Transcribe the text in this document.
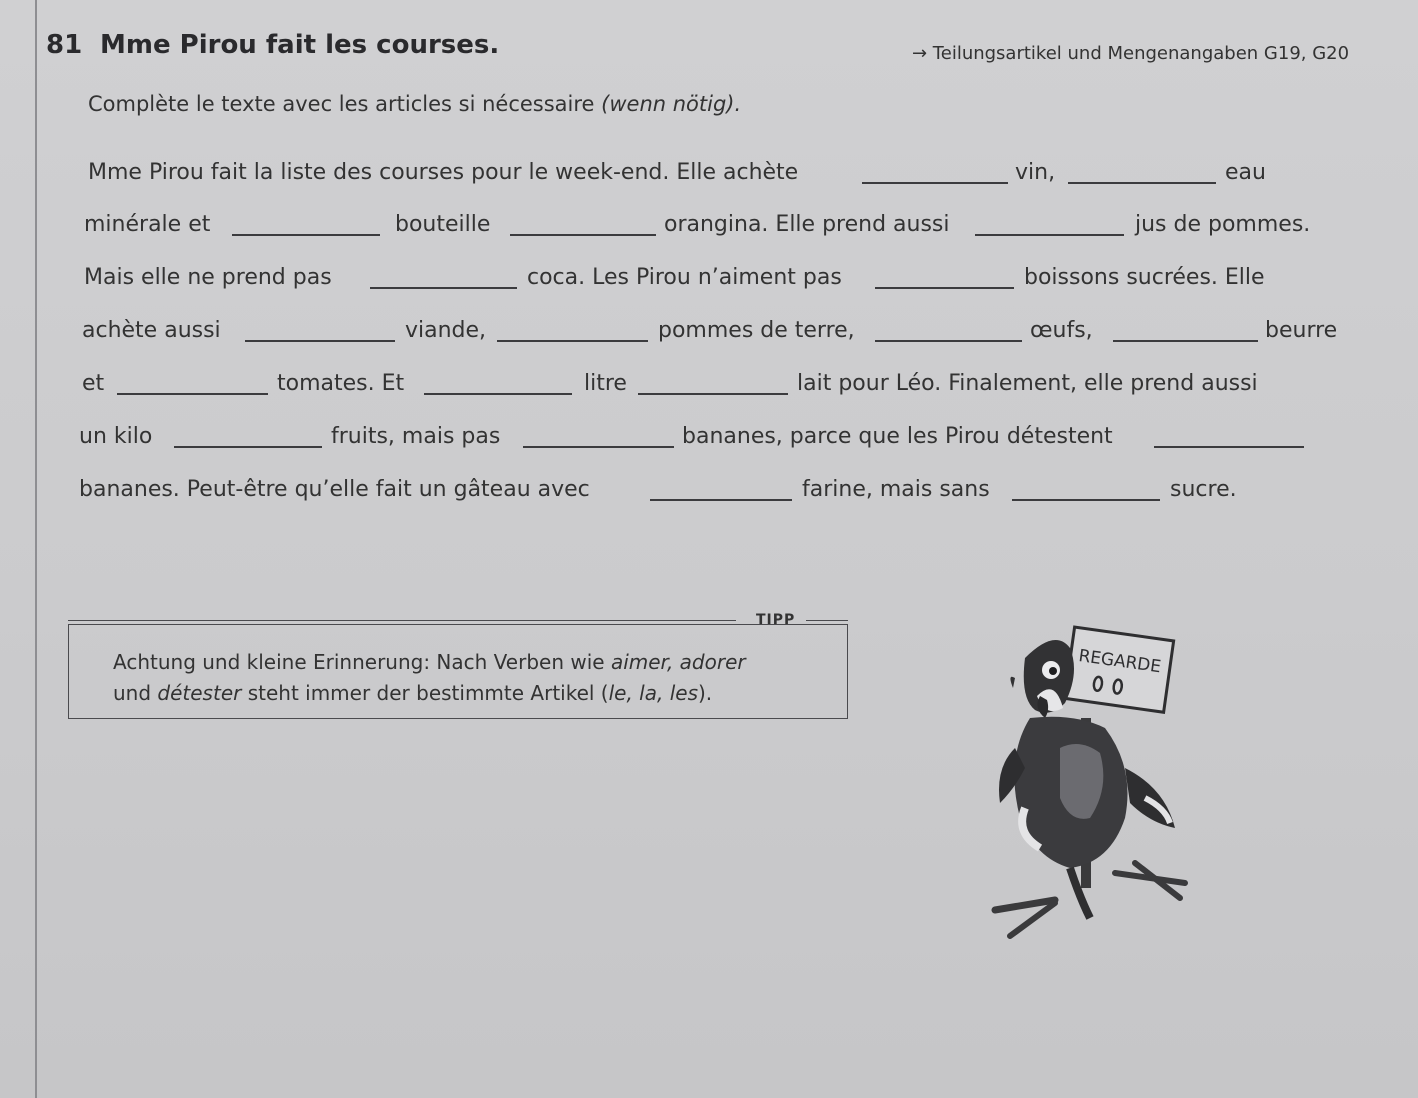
81 Mme Pirou fait les courses.	→ Teilungsartikel und Mengenangaben G19, G20
Complète le texte avec les articles si nécessaire (wenn nötig).
Mme Pirou fait la liste des courses pour le week-end. Elle achète	vin,	eau
minérale et	bouteille	orangina. Elle prend aussi	jus de pommes.
Mais elle ne prend pas	coca. Les Pirou n’aiment pas	boissons sucrées. Elle
achète aussi	viande,	pommes de terre,	œufs,	beurre
et	tomates. Et	litre	lait pour Léo. Finalement, elle prend aussi
un kilo	fruits, mais pas	bananes, parce que les Pirou détestent
bananes. Peut-être qu’elle fait un gâteau avec	farine, mais sans	sucre.
TIPP
Achtung und kleine Erinnerung: Nach Verben wie aimer, adorer
und détester steht immer der bestimmte Artikel (le, la, les).
REGARDE
